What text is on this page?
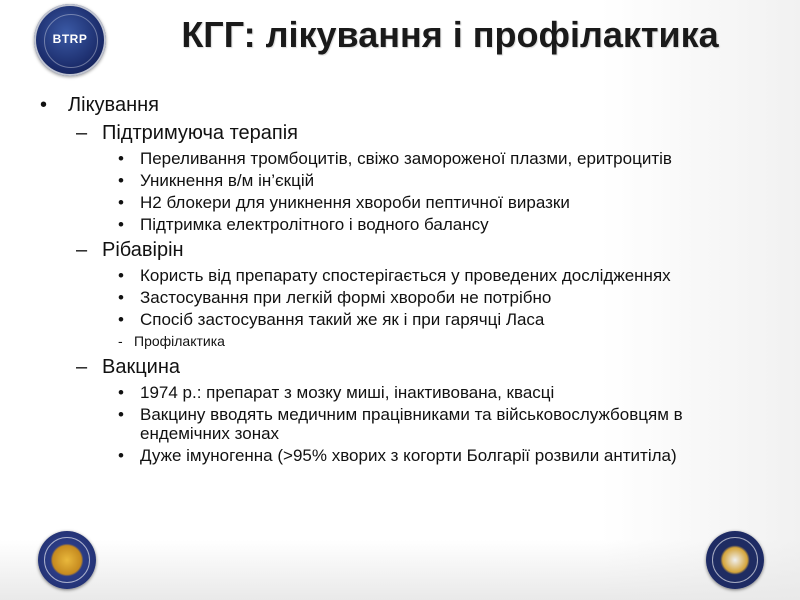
BTRP	КГГ: лікування і профілактика
• Лікування
– Підтримуюча терапія
• Переливання тромбоцитів, свіжо замороженої плазми, еритроцитів
• Уникнення в/м ін’єкцій
• H2 блокери для уникнення хвороби пептичної виразки
• Підтримка електролітного і водного балансу
– Рібавірін
• Користь від препарату спостерігається у проведених дослідженнях
• Застосування при легкій формі хвороби не потрібно
• Спосіб застосування такий же як і при гарячці Ласа
- Профілактика
– Вакцина
• 1974 р.: препарат з мозку миші, інактивована, квасці
• Вакцину вводять медичним працівниками та військовослужбовцям в ендемічних зонах
• Дуже імуногенна (>95% хворих з когорти Болгарії розвили антитіла)
